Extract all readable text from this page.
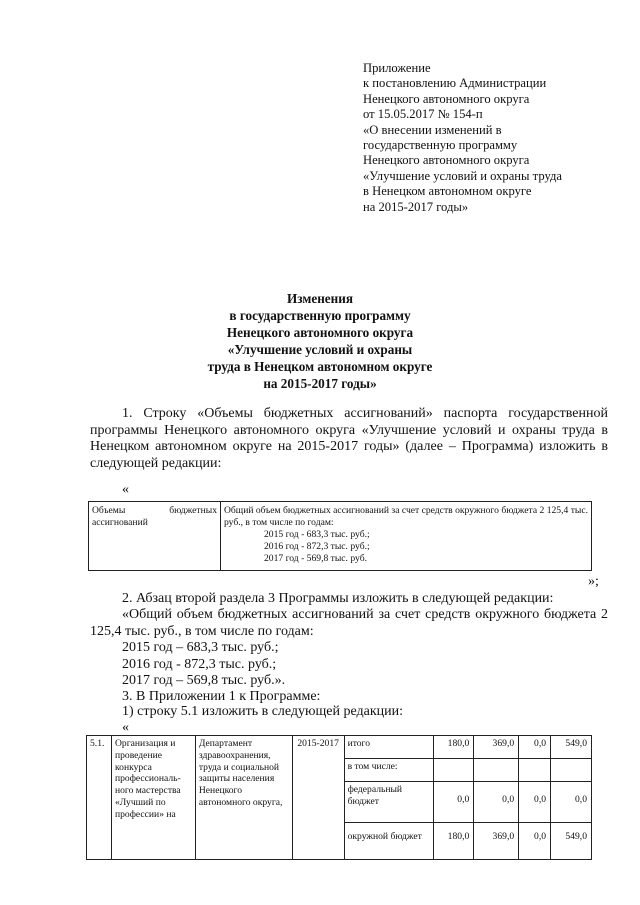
Приложение
к постановлению Администрации
Ненецкого автономного округа
от 15.05.2017 № 154-п
«О внесении изменений в
государственную программу
Ненецкого автономного округа
«Улучшение условий и охраны труда
в Ненецком автономном округе
на 2015-2017 годы»
Изменения
в государственную программу
Ненецкого автономного округа
«Улучшение условий и охраны
труда в Ненецком автономном округе
на 2015-2017 годы»
1. Строку «Объемы бюджетных ассигнований» паспорта государственной программы Ненецкого автономного округа «Улучшение условий и охраны труда в Ненецком автономном округе на 2015-2017 годы» (далее – Программа) изложить в следующей редакции:
«
Объемы	бюджетных
ассигнований

Общий объем бюджетных ассигнований за счет средств окружного бюджета 2 125,4 тыс. руб., в том числе по годам:
2015 год - 683,3 тыс. руб.;
2016 год - 872,3 тыс. руб.;
2017 год - 569,8 тыс. руб.
»;
2. Абзац второй раздела 3 Программы изложить в следующей редакции:
«Общий объем бюджетных ассигнований за счет средств окружного бюджета 2 125,4 тыс. руб., в том числе по годам:
2015 год – 683,3 тыс. руб.;
2016 год - 872,3 тыс. руб.;
2017 год – 569,8 тыс. руб.».
3. В Приложении 1 к Программе:
1) строку 5.1 изложить в следующей редакции:
«
5.1.	Организация и проведение конкурса профессиональ-ного мастерства «Лучший по профессии» на	Департамент здравоохранения, труда и социальной защиты населения Ненецкого автономного округа,	2015-2017	итого	180,0	369,0	0,0	549,0
				в том числе:				
				федеральный бюджет	0,0	0,0	0,0	0,0
				окружной бюджет	180,0	369,0	0,0	549,0
